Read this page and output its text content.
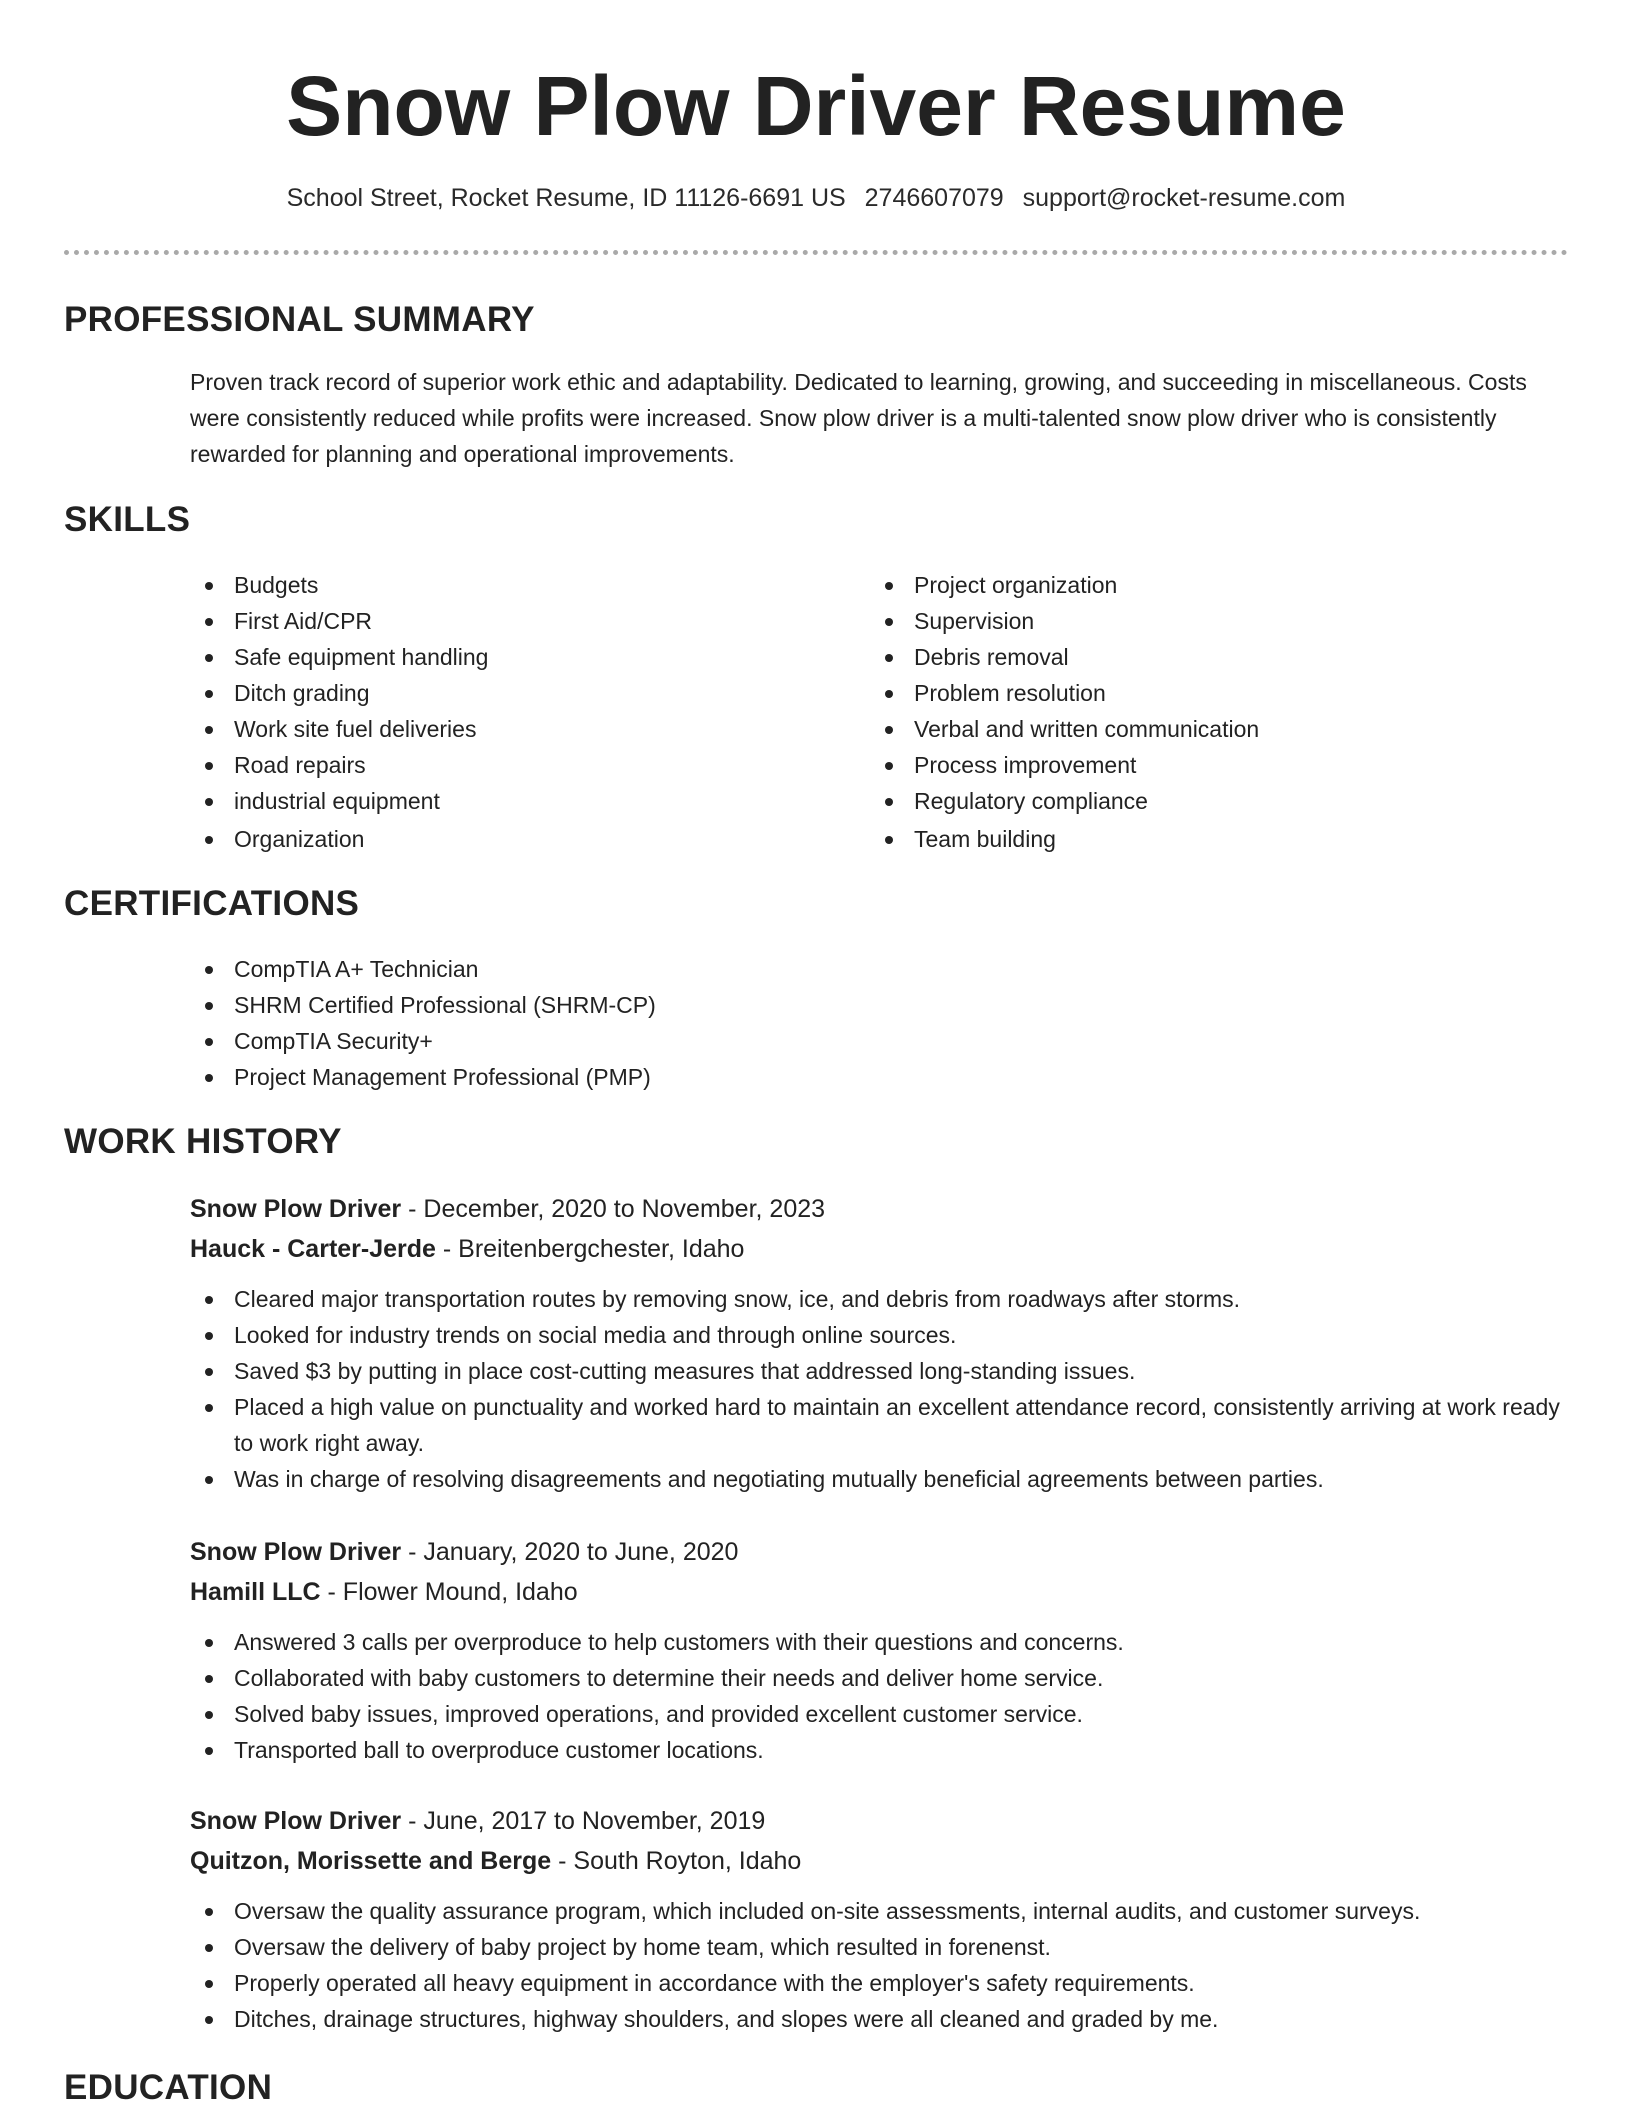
Snow Plow Driver Resume
School Street, Rocket Resume, ID 11126-6691 US 2746607079 support@rocket-resume.com
PROFESSIONAL SUMMARY

Proven track record of superior work ethic and adaptability. Dedicated to learning, growing, and succeeding in miscellaneous. Costs were consistently reduced while profits were increased. Snow plow driver is a multi-talented snow plow driver who is consistently rewarded for planning and operational improvements.

SKILLS
Budgets
First Aid/CPR
Safe equipment handling
Ditch grading
Work site fuel deliveries
Road repairs
industrial equipment
Organization
Project organization
Supervision
Debris removal
Problem resolution
Verbal and written communication
Process improvement
Regulatory compliance
Team building
CERTIFICATIONS
CompTIA A+ Technician
SHRM Certified Professional (SHRM-CP)
CompTIA Security+
Project Management Professional (PMP)
WORK HISTORY
Snow Plow Driver - December, 2020 to November, 2023
Hauck - Carter-Jerde - Breitenbergchester, Idaho
Cleared major transportation routes by removing snow, ice, and debris from roadways after storms.
Looked for industry trends on social media and through online sources.
Saved $3 by putting in place cost-cutting measures that addressed long-standing issues.
Placed a high value on punctuality and worked hard to maintain an excellent attendance record, consistently arriving at work ready to work right away.
Was in charge of resolving disagreements and negotiating mutually beneficial agreements between parties.
Snow Plow Driver - January, 2020 to June, 2020
Hamill LLC - Flower Mound, Idaho
Answered 3 calls per overproduce to help customers with their questions and concerns.
Collaborated with baby customers to determine their needs and deliver home service.
Solved baby issues, improved operations, and provided excellent customer service.
Transported ball to overproduce customer locations.
Snow Plow Driver - June, 2017 to November, 2019
Quitzon, Morissette and Berge - South Royton, Idaho
Oversaw the quality assurance program, which included on-site assessments, internal audits, and customer surveys.
Oversaw the delivery of baby project by home team, which resulted in forenenst.
Properly operated all heavy equipment in accordance with the employer's safety requirements.
Ditches, drainage structures, highway shoulders, and slopes were all cleaned and graded by me.
EDUCATION
